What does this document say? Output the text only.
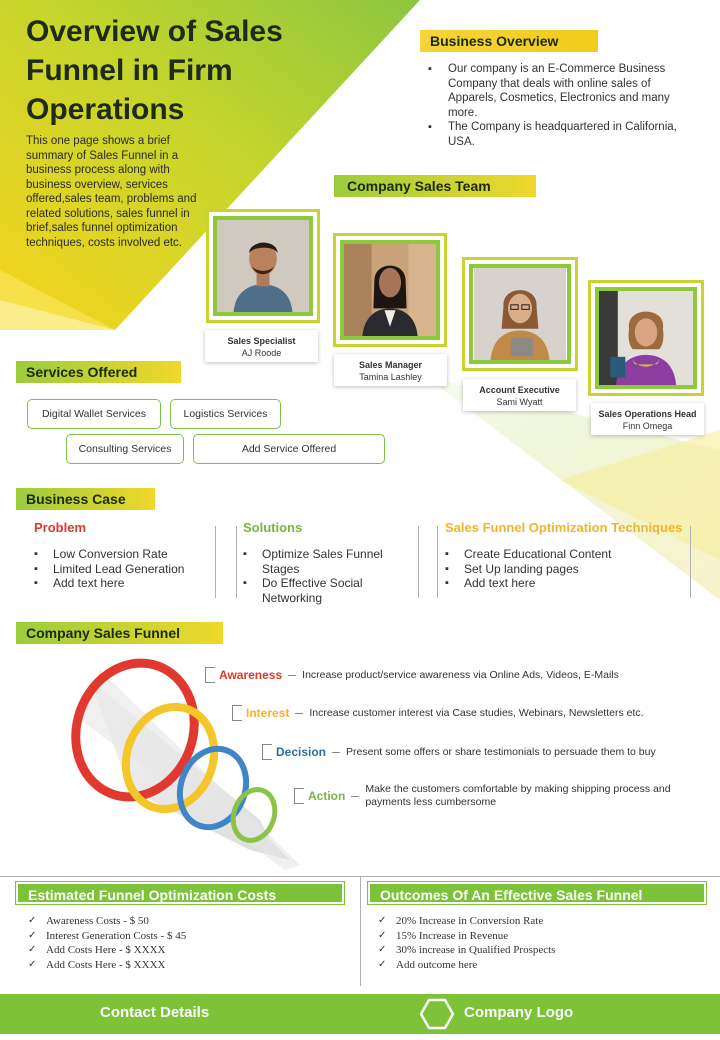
Overview of Sales Funnel in Firm Operations

This one page shows a brief summary of Sales Funnel in a business process along with business overview, services offered,sales team, problems and related solutions, sales funnel in brief,sales funnel optimization techniques, costs involved etc.

Business Overview
▪ Our company is an E-Commerce Business Company that deals with online sales of Apparels, Cosmetics, Electronics and many more.
▪ The Company is headquartered in California, USA.
Company Sales Team
Sales Specialist
AJ Roode
Sales Manager
Tamina Lashley
Account Executive
Sami Wyatt
Sales Operations Head
Finn Omega
Services Offered
Digital Wallet Services	Logistics Services
Consulting Services	Add Service Offered
Business Case
Problem
▪ Low Conversion Rate
▪ Limited Lead Generation
▪ Add text here
Solutions
▪ Optimize Sales Funnel Stages
▪ Do Effective Social Networking
Sales Funnel Optimization Techniques
▪ Create Educational Content
▪ Set Up landing pages
▪ Add text here
Company Sales Funnel
Awareness Increase product/service awareness via Online Ads, Videos, E-Mails
Interest Increase customer interest via Case studies, Webinars, Newsletters etc.
Decision Present some offers or share testimonials to persuade them to buy
Action Make the customers comfortable by making shipping process and payments less cumbersome
Estimated Funnel Optimization Costs
✓ Awareness Costs - $ 50
✓ Interest Generation Costs - $ 45
✓ Add Costs Here - $ XXXX
✓ Add Costs Here - $ XXXX
Outcomes Of An Effective Sales Funnel
✓ 20% Increase in Conversion Rate
✓ 15% Increase in Revenue
✓ 30% increase in Qualified Prospects
✓ Add outcome here
Contact Details	Company Logo
